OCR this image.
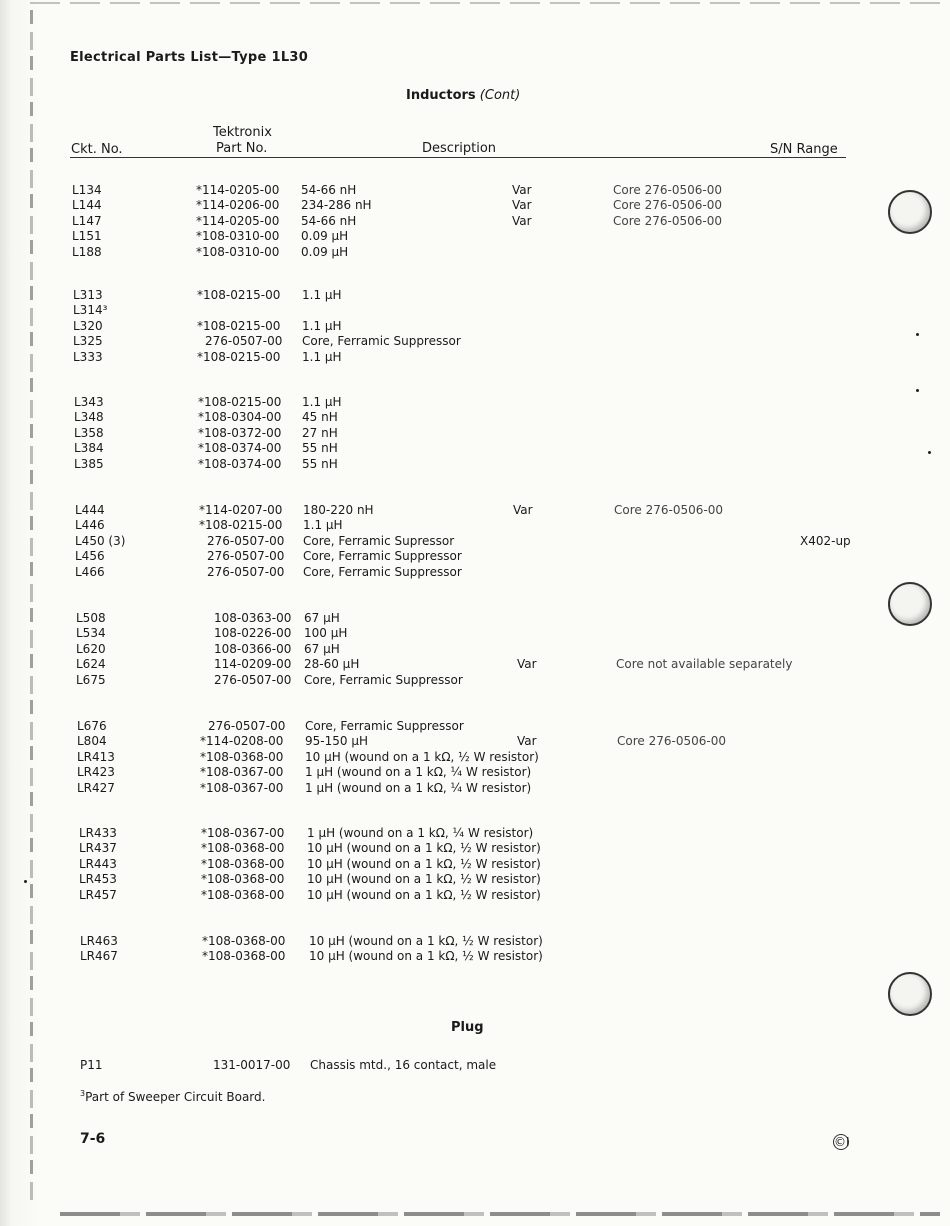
Electrical Parts List—Type 1L30
Inductors (Cont)
Ckt. No.
Tektronix
Part No.	Description	S/N Range
L134	*114-0205-00 54-66 nH	Var	Core 276-0506-00
L144	*114-0206-00 234-286 nH	Var	Core 276-0506-00
L147	*114-0205-00 54-66 nH	Var	Core 276-0506-00
L151	*108-0310-00 0.09 μH
L188	*108-0310-00 0.09 μH
L313	*108-0215-00 1.1 μH
L314³
L320	*108-0215-00 1.1 μH
L325	276-0507-00 Core, Ferramic Suppressor
L333	*108-0215-00 1.1 μH
L343	*108-0215-00 1.1 μH
L348	*108-0304-00 45 nH
L358	*108-0372-00 27 nH
L384	*108-0374-00 55 nH
L385	*108-0374-00 55 nH
L444	*114-0207-00 180-220 nH	Var	Core 276-0506-00
L446	*108-0215-00 1.1 μH
L450 (3)	276-0507-00 Core, Ferramic Supressor	X402-up
L456	276-0507-00 Core, Ferramic Suppressor
L466	276-0507-00 Core, Ferramic Suppressor
L508	108-0363-00 67 μH
L534	108-0226-00 100 μH
L620	108-0366-00 67 μH
L624	114-0209-00 28-60 μH	Var	Core not available separately
L675	276-0507-00 Core, Ferramic Suppressor
L676	276-0507-00 Core, Ferramic Suppressor
L804	*114-0208-00 95-150 μH	Var	Core 276-0506-00
LR413	*108-0368-00 10 μH (wound on a 1 kΩ, ½ W resistor)
LR423	*108-0367-00 1 μH (wound on a 1 kΩ, ¼ W resistor)
LR427	*108-0367-00 1 μH (wound on a 1 kΩ, ¼ W resistor)
LR433	*108-0367-00 1 μH (wound on a 1 kΩ, ¼ W resistor)
LR437	*108-0368-00 10 μH (wound on a 1 kΩ, ½ W resistor)
LR443	*108-0368-00 10 μH (wound on a 1 kΩ, ½ W resistor)
LR453	*108-0368-00 10 μH (wound on a 1 kΩ, ½ W resistor)
LR457	*108-0368-00 10 μH (wound on a 1 kΩ, ½ W resistor)
LR463	*108-0368-00 10 μH (wound on a 1 kΩ, ½ W resistor)
LR467	*108-0368-00 10 μH (wound on a 1 kΩ, ½ W resistor)
Plug
P11	131-0017-00 Chassis mtd., 16 contact, male
$^3$Part of Sweeper Circuit Board.
7-6	©I
